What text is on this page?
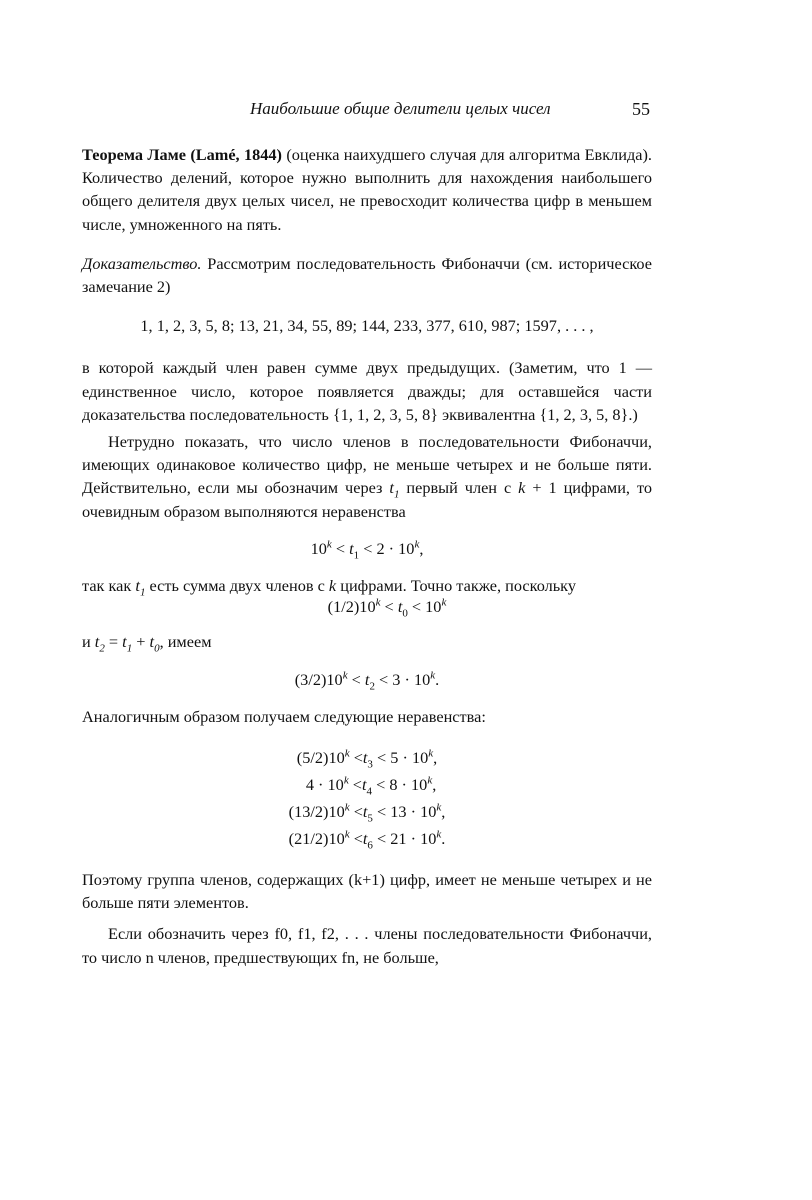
Наибольшие общие делители целых чисел	55

Теорема Ламе (Lamé, 1844) (оценка наихудшего случая для алгоритма Евклида). Количество делений, которое нужно выполнить для нахождения наибольшего общего делителя двух целых чисел, не превосходит количества цифр в меньшем числе, умноженного на пять.

Доказательство. Рассмотрим последовательность Фибоначчи (см. историческое замечание 2)

1, 1, 2, 3, 5, 8; 13, 21, 34, 55, 89; 144, 233, 377, 610, 987; 1597, . . . ,

в которой каждый член равен сумме двух предыдущих. (Заметим, что 1 — единственное число, которое появляется дважды; для оставшейся части доказательства последовательность {1, 1, 2, 3, 5, 8} эквивалентна {1, 2, 3, 5, 8}.)

Нетрудно показать, что число членов в последовательности Фибоначчи, имеющих одинаковое количество цифр, не меньше четырех и не больше пяти. Действительно, если мы обозначим через $t_1$ первый член с k + 1 цифрами, то очевидным образом выполняются неравенства

$10^k < t_1 < 2 \cdot 10^k$,

так как $t_1$ есть сумма двух членов с k цифрами. Точно также, поскольку

$(1/2)10^k < t_0 < 10^k$

и $t_2 = t_1 + t_0$, имеем

$(3/2)10^k < t_2 < 3 \cdot 10^k$.

Аналогичным образом получаем следующие неравенства:

$(5/2)10^k <t_3 < 5 \cdot 10^k$,
$4 \cdot 10^k <t_4 < 8 \cdot 10^k$,
$(13/2)10^k <t_5 < 13 \cdot 10^k$,
$(21/2)10^k <t_6 < 21 \cdot 10^k$.

Поэтому группа членов, содержащих (k+1) цифр, имеет не меньше четырех и не больше пяти элементов.

Если обозначить через f0, f1, f2, . . . члены последовательности Фибоначчи, то число n членов, предшествующих fn, не больше,
